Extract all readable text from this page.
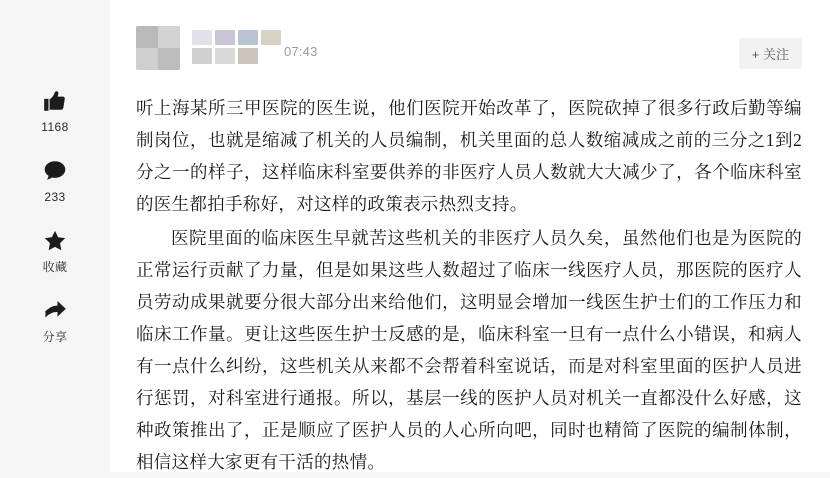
1168
233
收藏
分享
07:43	+ 关注

听上海某所三甲医院的医生说，他们医院开始改革了，医院砍掉了很多行政后勤等编制岗位，也就是缩减了机关的人员编制，机关里面的总人数缩减成之前的三分之1到2分之一的样子，这样临床科室要供养的非医疗人员人数就大大减少了，各个临床科室的医生都拍手称好，对这样的政策表示热烈支持。

医院里面的临床医生早就苦这些机关的非医疗人员久矣，虽然他们也是为医院的正常运行贡献了力量，但是如果这些人数超过了临床一线医疗人员，那医院的医疗人员劳动成果就要分很大部分出来给他们，这明显会增加一线医生护士们的工作压力和临床工作量。更让这些医生护士反感的是，临床科室一旦有一点什么小错误，和病人有一点什么纠纷，这些机关从来都不会帮着科室说话，而是对科室里面的医护人员进行惩罚，对科室进行通报。所以，基层一线的医护人员对机关一直都没什么好感，这种政策推出了，正是顺应了医护人员的人心所向吧，同时也精简了医院的编制体制，相信这样大家更有干活的热情。
